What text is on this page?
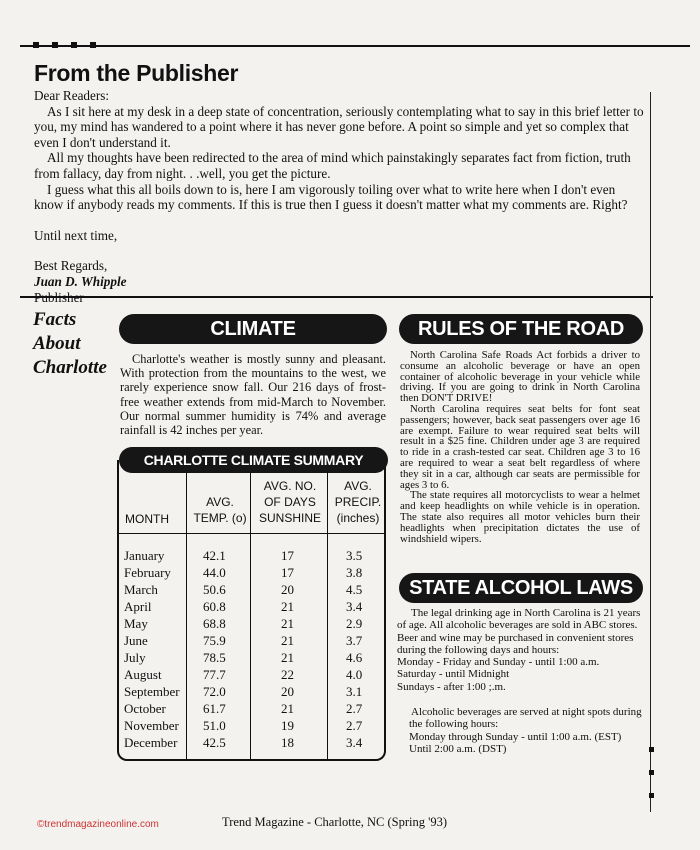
From the Publisher

Dear Readers:

As I sit here at my desk in a deep state of concentration, seriously contemplating what to say in this brief letter to you, my mind has wandered to a point where it has never gone before. A point so simple and yet so complex that even I don't understand it.

All my thoughts have been redirected to the area of mind which painstakingly separates fact from fiction, truth from fallacy, day from night. . .well, you get the picture.

I guess what this all boils down to is, here I am vigorously toiling over what to write here when I don't even know if anybody reads my comments. If this is true then I guess it doesn't matter what my comments are. Right?

Until next time,

Best Regards,

Juan D. Whipple

Facts
About
Charlotte
CLIMATE

Charlotte's weather is mostly sunny and pleasant. With protection from the mountains to the west, we rarely experience snow fall. Our 216 days of frost-free weather extends from mid-March to November. Our normal summer humidity is 74% and average rainfall is 42 inches per year.

CHARLOTTE CLIMATE SUMMARY
MONTH
AVG.
TEMP. (o)
AVG. NO.
OF DAYS
SUNSHINE
AVG.
PRECIP.
(inches)
January
February
March
April
May
June
July
August
September
October
November
December
42.1
44.0
50.6
60.8
68.8
75.9
78.5
77.7
72.0
61.7
51.0
42.5
17
17
20
21
21
21
21
22
20
21
19
18
3.5
3.8
4.5
3.4
2.9
3.7
4.6
4.0
3.1
2.7
2.7
3.4
RULES OF THE ROAD

North Carolina Safe Roads Act forbids a driver to consume an alcoholic beverage or have an open container of alcoholic beverage in your vehicle while driving. If you are going to drink in North Carolina then DON'T DRIVE!

North Carolina requires seat belts for font seat passengers; however, back seat passengers over age 16 are exempt. Failure to wear required seat belts will result in a $25 fine. Children under age 3 are required to ride in a crash-tested car seat. Children age 3 to 16 are required to wear a seat belt regardless of where they sit in a car, although car seats are permissible for ages 3 to 6.

The state requires all motorcyclists to wear a helmet and keep headlights on while vehicle is in operation. The state also requires all motor vehicles burn their headlights when precipitation dictates the use of windshield wipers.

STATE ALCOHOL LAWS

The legal drinking age in North Carolina is 21 years of age. All alcoholic beverages are sold in ABC stores. Beer and wine may be purchased in convenient stores during the following days and hours:

Monday - Friday and Sunday - until 1:00 a.m.

Saturday - until Midnight

Sundays - after 1:00 ;.m.

Alcoholic beverages are served at night spots during the following hours:

Monday through Sunday - until 1:00 a.m. (EST)

Until 2:00 a.m. (DST)

Trend Magazine - Charlotte, NC (Spring '93)
©trendmagazineonline.com
